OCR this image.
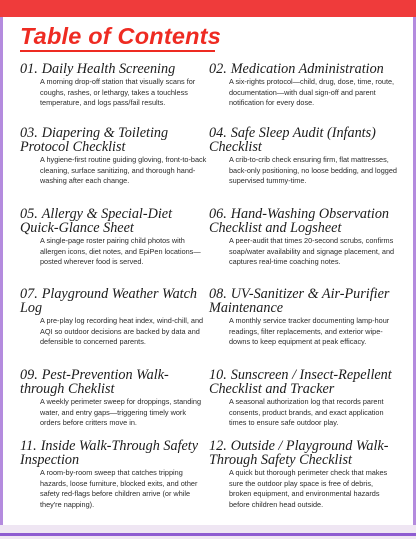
Table of Contents

01. Daily Health Screening

A morning drop-off station that visually scans for coughs, rashes, or lethargy, takes a touchless temperature, and logs pass/fail results.

02. Medication Administration

A six-rights protocol—child, drug, dose, time, route, documentation—with dual sign-off and parent notification for every dose.

03. Diapering & Toileting Protocol Checklist

A hygiene-first routine guiding gloving, front-to-back cleaning, surface sanitizing, and thorough hand-washing after each change.

04. Safe Sleep Audit (Infants) Checklist

A crib-to-crib check ensuring firm, flat mattresses, back-only positioning, no loose bedding, and logged supervised tummy-time.

05. Allergy & Special-Diet Quick-Glance Sheet

A single-page roster pairing child photos with allergen icons, diet notes, and EpiPen locations—posted wherever food is served.

06. Hand-Washing Observation Checklist and Logsheet

A peer-audit that times 20-second scrubs, confirms soap/water availability and signage placement, and captures real-time coaching notes.

07. Playground Weather Watch Log

A pre-play log recording heat index, wind-chill, and AQI so outdoor decisions are backed by data and defensible to concerned parents.

08. UV-Sanitizer & Air-Purifier Maintenance

A monthly service tracker documenting lamp-hour readings, filter replacements, and exterior wipe-downs to keep equipment at peak efficacy.

09. Pest-Prevention Walk-through Cheklist

A weekly perimeter sweep for droppings, standing water, and entry gaps—triggering timely work orders before critters move in.

10. Sunscreen / Insect-Repellent Checklist and Tracker

A seasonal authorization log that records parent consents, product brands, and exact application times to ensure safe outdoor play.

11. Inside Walk-Through Safety Inspection

A room-by-room sweep that catches tripping hazards, loose furniture, blocked exits, and other safety red-flags before children arrive (or while they're napping).

12. Outside / Playground Walk-Through Safety Checklist

A quick but thorough perimeter check that makes sure the outdoor play space is free of debris, broken equipment, and environmental hazards before children head outside.
